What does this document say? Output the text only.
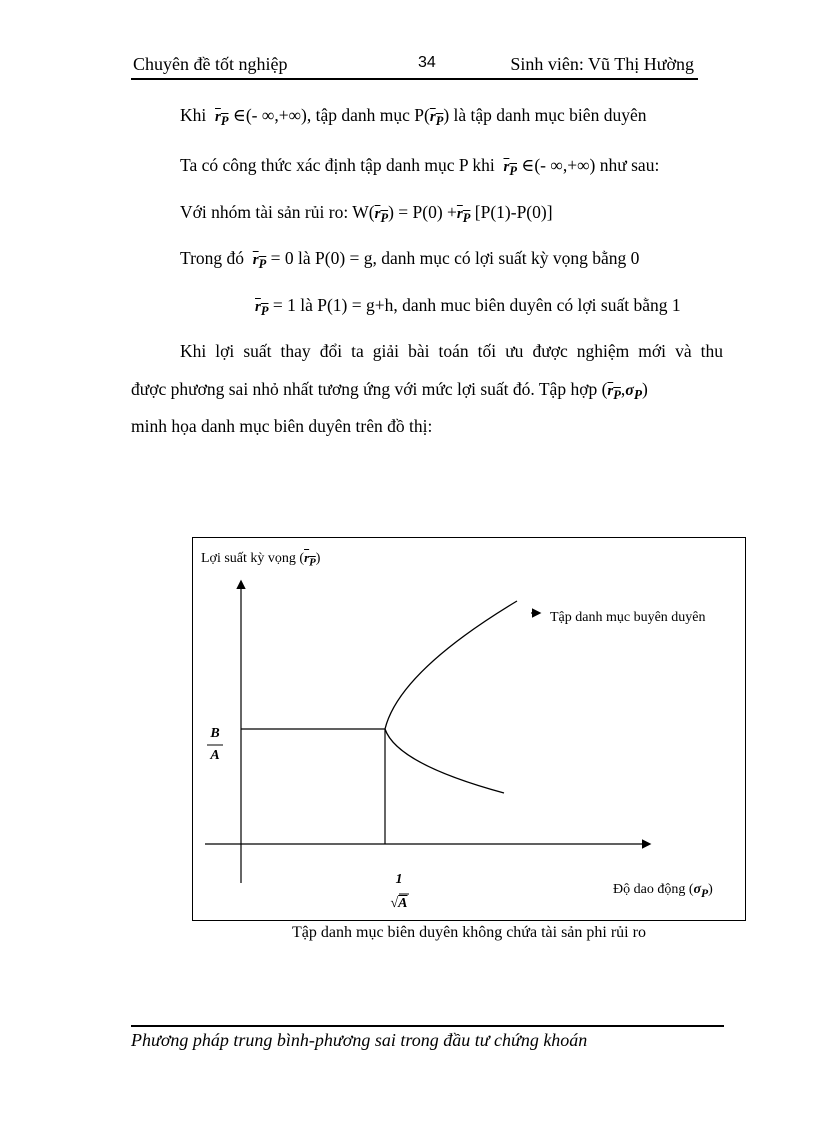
Chuyên đề tốt nghiệp	34	Sinh viên: Vũ Thị Hường
Khi $r_P$ ∈(- ∞,+∞), tập danh mục $P(r_P)$ là tập danh mục biên duyên
Ta có công thức xác định tập danh mục P khi $r_P$ ∈(- ∞,+∞) như sau:
Với nhóm tài sản rủi ro: $W(r_P) = P(0) +r_P$ [P(1)-P(0)]
Trong đó $r_P = 0$ là P(0) = g, danh mục có lợi suất kỳ vọng bằng 0
$r_P = 1$ là P(1) = g+h, danh muc biên duyên có lợi suất bằng 1
Khi lợi suất thay đổi ta giải bài toán tối ưu được nghiệm mới và thu
được phương sai nhỏ nhất tương ứng với mức lợi suất đó. Tập hợp $(r_P,\sigma_P)$
minh họa danh mục biên duyên trên đồ thị:
Lợi suất kỳ vọng $(r_P)$
Tập danh mục buyên duyên
B
A
1
√A
Độ dao động $(\sigma_P)$
Tập danh mục biên duyên không chứa tài sản phi rủi ro
Phương pháp trung bình-phương sai trong đầu tư chứng khoán
